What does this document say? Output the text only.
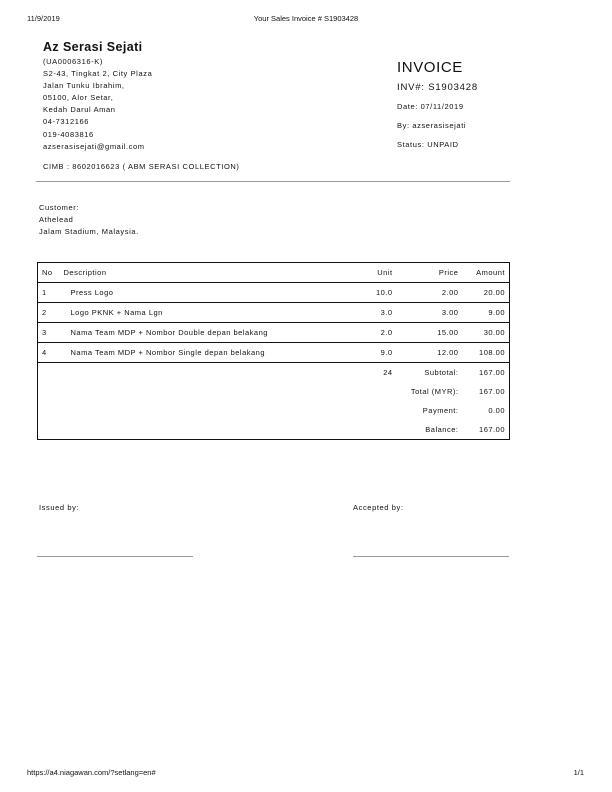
11/9/2019	Your Sales Invoice # S1903428
Az Serasi Sejati
(UA0006316-K)
S2-43, Tingkat 2, City Plaza
Jalan Tunku Ibrahim,
05100, Alor Setar,
Kedah Darul Aman
04-7312166
019-4083816
azserasisejati@gmail.com
CIMB : 8602016623 ( ABM SERASI COLLECTION)
INVOICE
INV#: S1903428
Date: 07/11/2019
By: azserasisejati
Status: UNPAID
Customer:
Athelead
Jalam Stadium, Malaysia.
No	Description	Unit	Price	Amount
1	Press Logo	10.0	2.00	20.00
2	Logo PKNK + Nama Lgn	3.0	3.00	9.00
3	Nama Team MDP + Nombor Double depan belakang	2.0	15.00	30.00
4	Nama Team MDP + Nombor Single depan belakang	9.0	12.00	108.00
		24	Subtotal:	167.00
		Total (MYR):		167.00
		Payment:		0.00
		Balance:		167.00
Issued by:	Accepted by:
https://a4.niagawan.com/?setlang=en#	1/1
